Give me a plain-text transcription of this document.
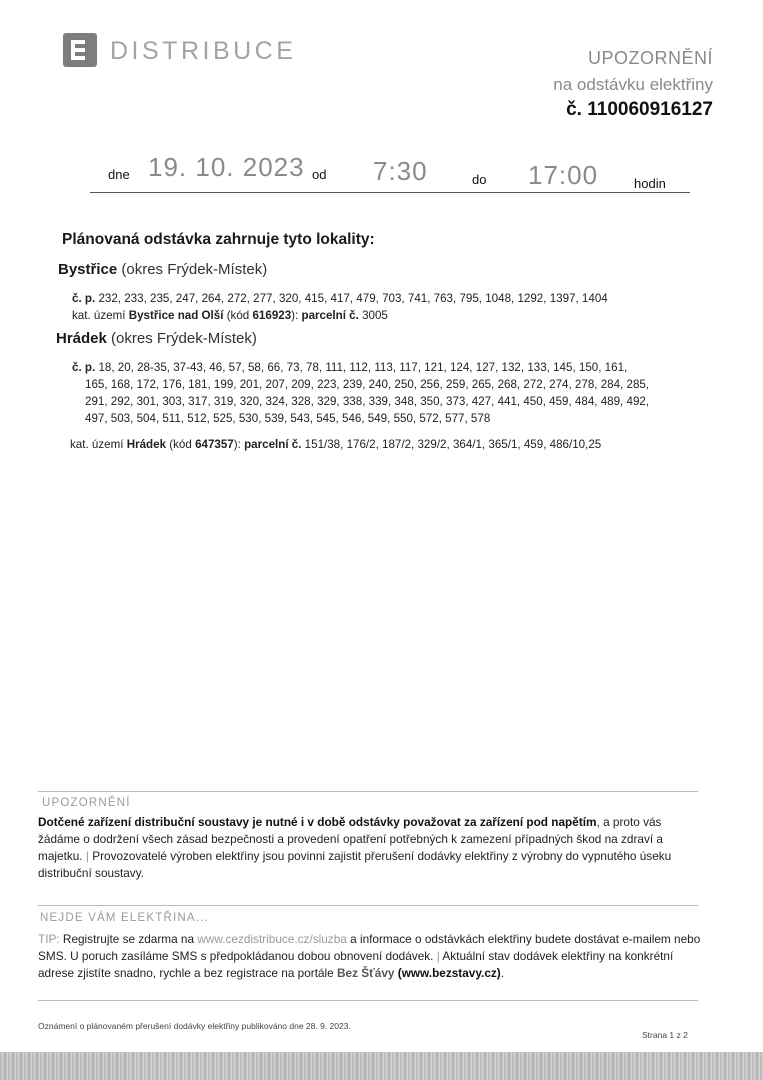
DISTRIBUCE	UPOZORNĚNÍ
na odstávku elektřiny
č. 110060916127
dne 19. 10. 2023 od 7:30	do 17:00	hodin
Plánovaná odstávka zahrnuje tyto lokality:
Bystřice (okres Frýdek-Místek)
č. p. 232, 233, 235, 247, 264, 272, 277, 320, 415, 417, 479, 703, 741, 763, 795, 1048, 1292, 1397, 1404
kat. území Bystřice nad Olší (kód 616923): parcelní č. 3005
Hrádek (okres Frýdek-Místek)
č. p. 18, 20, 28-35, 37-43, 46, 57, 58, 66, 73, 78, 111, 112, 113, 117, 121, 124, 127, 132, 133, 145, 150, 161,
165, 168, 172, 176, 181, 199, 201, 207, 209, 223, 239, 240, 250, 256, 259, 265, 268, 272, 274, 278, 284, 285,
291, 292, 301, 303, 317, 319, 320, 324, 328, 329, 338, 339, 348, 350, 373, 427, 441, 450, 459, 484, 489, 492,
497, 503, 504, 511, 512, 525, 530, 539, 543, 545, 546, 549, 550, 572, 577, 578
kat. území Hrádek (kód 647357): parcelní č. 151/38, 176/2, 187/2, 329/2, 364/1, 365/1, 459, 486/10,25
UPOZORNĚNÍ
Dotčené zařízení distribuční soustavy je nutné i v době odstávky považovat za zařízení pod napětím, a proto vás žádáme o dodržení všech zásad bezpečnosti a provedení opatření potřebných k zamezení případných škod na zdraví a majetku. | Provozovatelé výroben elektřiny jsou povinni zajistit přerušení dodávky elektřiny z výrobny do vypnutého úseku distribuční soustavy.
NEJDE VÁM ELEKTŘINA...
TIP: Registrujte se zdarma na www.cezdistribuce.cz/sluzba a informace o odstávkách elektřiny budete dostávat e-mailem nebo SMS. U poruch zasíláme SMS s předpokládanou dobou obnovení dodávek. | Aktuální stav dodávek elektřiny na konkrétní adrese zjistíte snadno, rychle a bez registrace na portále Bez Šťávy (www.bezstavy.cz).
Oznámení o plánovaném přerušení dodávky elektřiny publikováno dne 28. 9. 2023.
Strana 1 z 2
